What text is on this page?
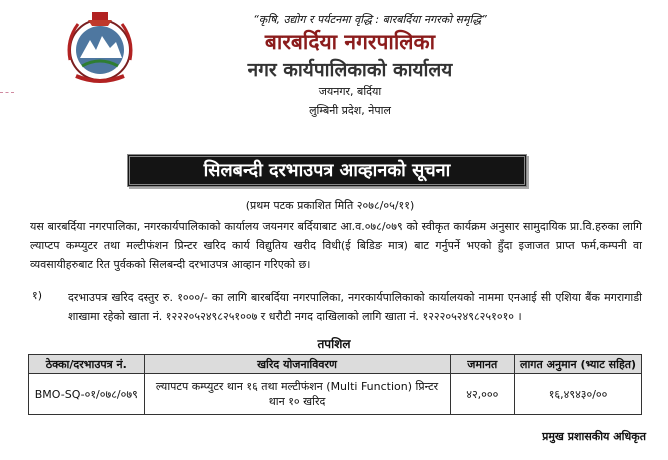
“कृषि, उद्योग र पर्यटनमा वृद्धि : बारबर्दिया नगरको समृद्धि”
बारबर्दिया नगरपालिका
नगर कार्यपालिकाको कार्यालय
जयनगर, बर्दिया
लुम्बिनी प्रदेश, नेपाल
सिलबन्दी दरभाउपत्र आव्हानको सूचना
(प्रथम पटक प्रकाशित मिति २०७८/०५/११)
यस बारबर्दिया नगरपालिका, नगरकार्यपालिकाको कार्यालय जयनगर बर्दियाबाट आ.व.०७८/०७९ को स्वीकृत कार्यक्रम अनुसार सामुदायिक प्रा.वि.हरुका लागि ल्याप्टप कम्प्युटर तथा मल्टीफंशन प्रिन्टर खरिद कार्य विद्युतिय खरीद विधी(ई बिडिङ मात्र) बाट गर्नुपर्ने भएको हुँदा इजाजत प्राप्त फर्म,कम्पनी वा व्यवसायीहरुबाट रित पुर्वकको सिलबन्दी दरभाउपत्र आव्हान गरिएको छ।
१) दरभाउपत्र खरिद दस्तुर रु. १०००/- का लागि बारबर्दिया नगरपालिका, नगरकार्यपालिकाको कार्यालयको नाममा एनआई सी एशिया बैंक मगरागाडी शाखामा रहेको खाता नं. १२२२०५२४९८२५१००७ र धरौटी नगद दाखिलाको लागि खाता नं. १२२२०५२४९८२५१०१० ।
तपशिल
ठेक्का/दरभाउपत्र नं.	खरिद योजनाविवरण	जमानत	लागत अनुमान (भ्याट सहित)
BMO-SQ-०१/०७८/०७९	ल्यापटप कम्प्युटर थान १६ तथा मल्टीफंशन (Multi Function) प्रिन्टर थान १० खरिद	४२,०००	१६,४९४३०/००
प्रमुख प्रशासकीय अधिकृत
